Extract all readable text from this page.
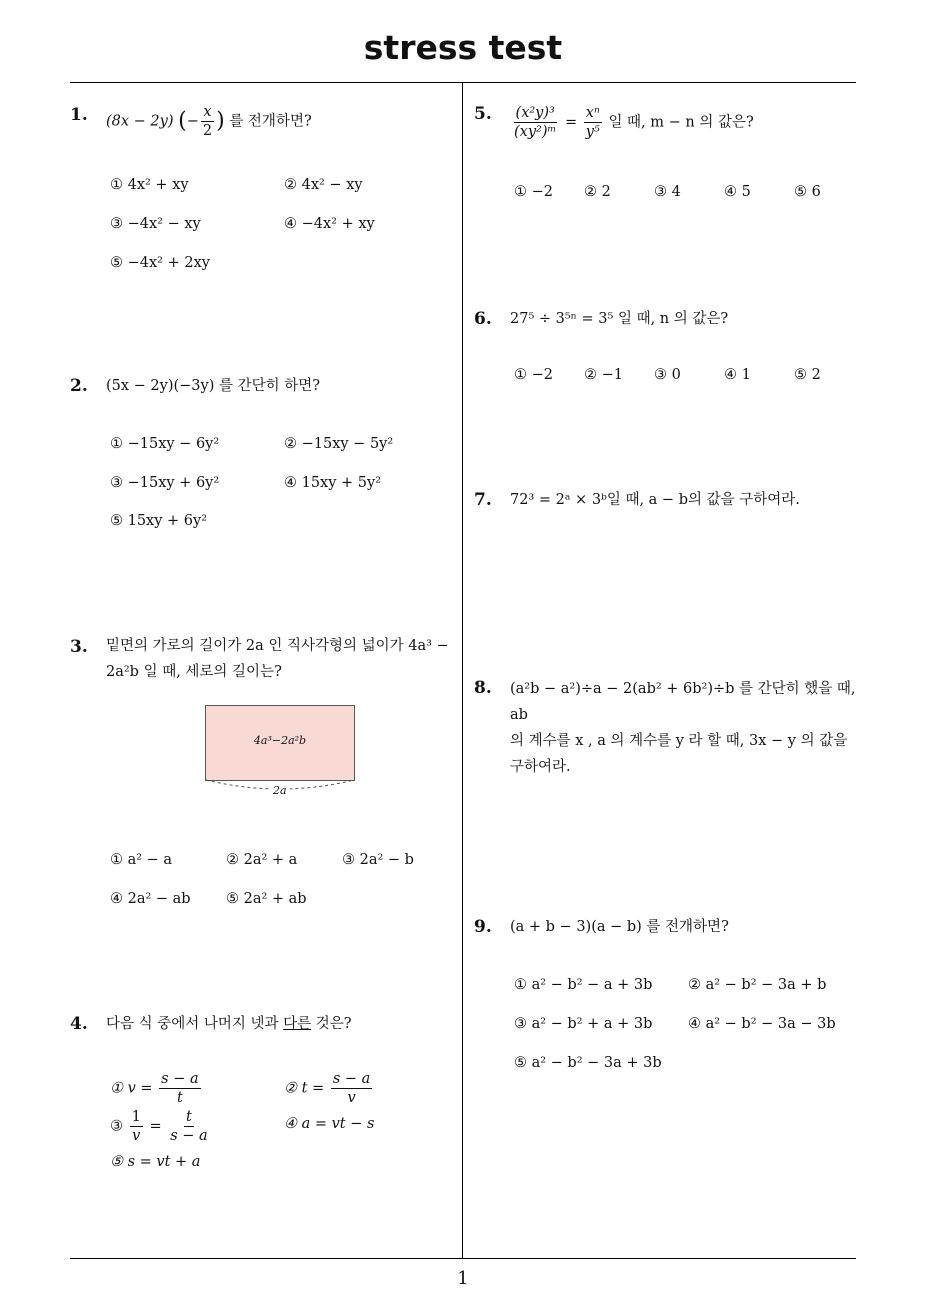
stress test
1
1. (8x − 2y) (− $\frac{x}{2}$ ) 를 전개하면?
① 4x² + xy	② 4x² − xy
③ −4x² − xy	④ −4x² + xy
⑤ −4x² + 2xy
2. (5x − 2y)(−3y) 를 간단히 하면?
① −15xy − 6y²	② −15xy − 5y²
③ −15xy + 6y²	④ 15xy + 5y²
⑤ 15xy + 6y²
3. 밑면의 가로의 길이가 2a 인 직사각형의 넓이가 4a³ −
2a²b 일 때, 세로의 길이는?
4a³−2a²b
2a
① a² − a	② 2a² + a	③ 2a² − b
④ 2a² − ab ⑤ 2a² + ab
4. 다음 식 중에서 나머지 넷과 다른 것은?
① $v = \frac{s - a}{t}$	② $t = \frac{s - a}{v}$
③ $\frac{1}{v} = \frac{t}{s - a}$	④ a = vt − s
⑤ s = vt + a
5. $\frac{\text{(x²y)³}}{\text{(xy²)ᵐ}} = \frac{\text{xⁿ}}{\text{y⁵}}$ 일 때, m − n 의 값은?
① −2 ② 2	③ 4	④ 5	⑤ 6
6. 27⁵ ÷ 3⁵ⁿ = 3⁵ 일 때, n 의 값은?
① −2 ② −1 ③ 0	④ 1	⑤ 2
7. 72³ = 2ᵃ × 3ᵇ일 때, a − b의 값을 구하여라.
8. (a²b − a²)÷a − 2(ab² + 6b²)÷b 를 간단히 했을 때, ab
의 계수를 x , a 의 계수를 y 라 할 때, 3x − y 의 값을
구하여라.
9. (a + b − 3)(a − b) 를 전개하면?
① a² − b² − a + 3b ② a² − b² − 3a + b
③ a² − b² + a + 3b ④ a² − b² − 3a − 3b
⑤ a² − b² − 3a + 3b
